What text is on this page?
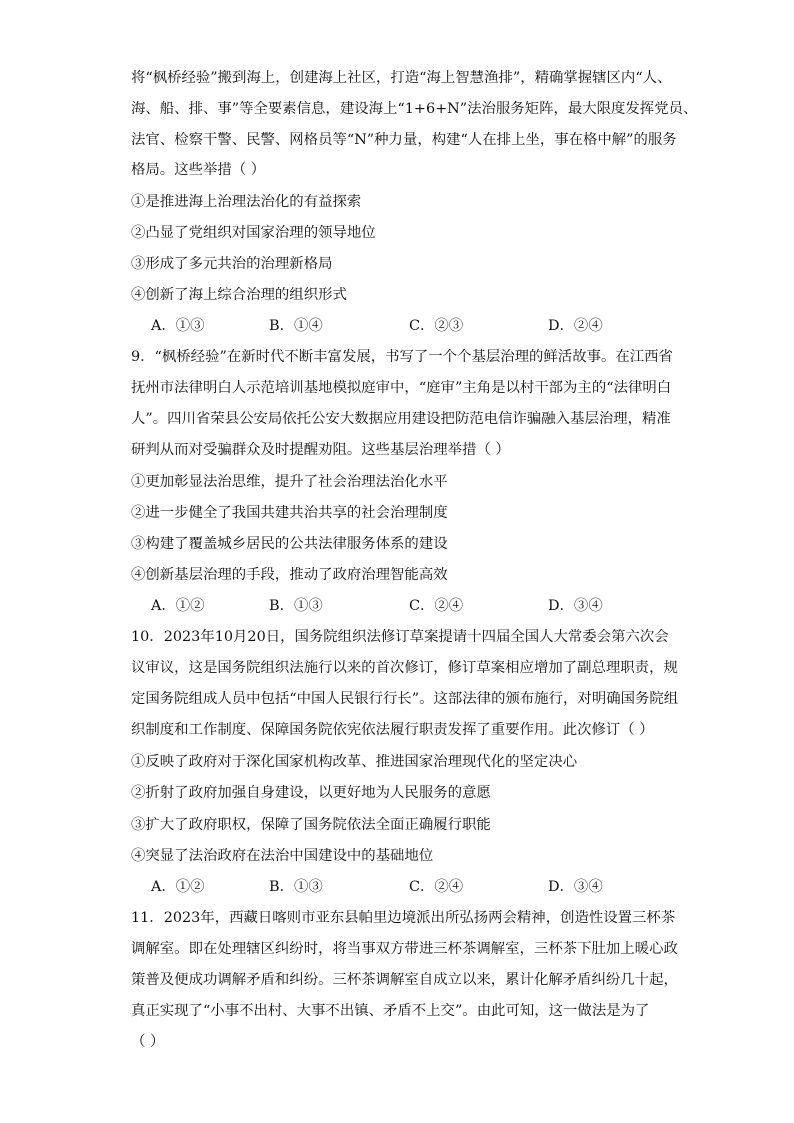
将“枫桥经验”搬到海上，创建海上社区，打造“海上智慧渔排”，精确掌握辖区内“人、
海、船、排、事”等全要素信息，建设海上“1+6+N”法治服务矩阵，最大限度发挥党员、
法官、检察干警、民警、网格员等“N”种力量，构建“人在排上坐，事在格中解”的服务
格局。这些举措（ ）
①是推进海上治理法治化的有益探索
②凸显了党组织对国家治理的领导地位
③形成了多元共治的治理新格局
④创新了海上综合治理的组织形式
A．①③	B．①④	C．②③	D．②④
9．“枫桥经验”在新时代不断丰富发展，书写了一个个基层治理的鲜活故事。在江西省
抚州市法律明白人示范培训基地模拟庭审中，“庭审”主角是以村干部为主的“法律明白
人”。四川省荣县公安局依托公安大数据应用建设把防范电信诈骗融入基层治理，精准
研判从而对受骗群众及时提醒劝阻。这些基层治理举措（ ）
①更加彰显法治思维，提升了社会治理法治化水平
②进一步健全了我国共建共治共享的社会治理制度
③构建了覆盖城乡居民的公共法律服务体系的建设
④创新基层治理的手段，推动了政府治理智能高效
A．①②	B．①③	C．②④	D．③④
10．2023年10月20日，国务院组织法修订草案提请十四届全国人大常委会第六次会
议审议，这是国务院组织法施行以来的首次修订，修订草案相应增加了副总理职责，规
定国务院组成人员中包括“中国人民银行行长”。这部法律的颁布施行，对明确国务院组
织制度和工作制度、保障国务院依宪依法履行职责发挥了重要作用。此次修订（ ）
①反映了政府对于深化国家机构改革、推进国家治理现代化的坚定决心
②折射了政府加强自身建设，以更好地为人民服务的意愿
③扩大了政府职权，保障了国务院依法全面正确履行职能
④突显了法治政府在法治中国建设中的基础地位
A．①②	B．①③	C．②④	D．③④
11．2023年，西藏日喀则市亚东县帕里边境派出所弘扬两会精神，创造性设置三杯茶
调解室。即在处理辖区纠纷时，将当事双方带进三杯茶调解室，三杯茶下肚加上暖心政
策普及便成功调解矛盾和纠纷。三杯茶调解室自成立以来，累计化解矛盾纠纷几十起，
真正实现了“小事不出村、大事不出镇、矛盾不上交”。由此可知，这一做法是为了
（ ）
